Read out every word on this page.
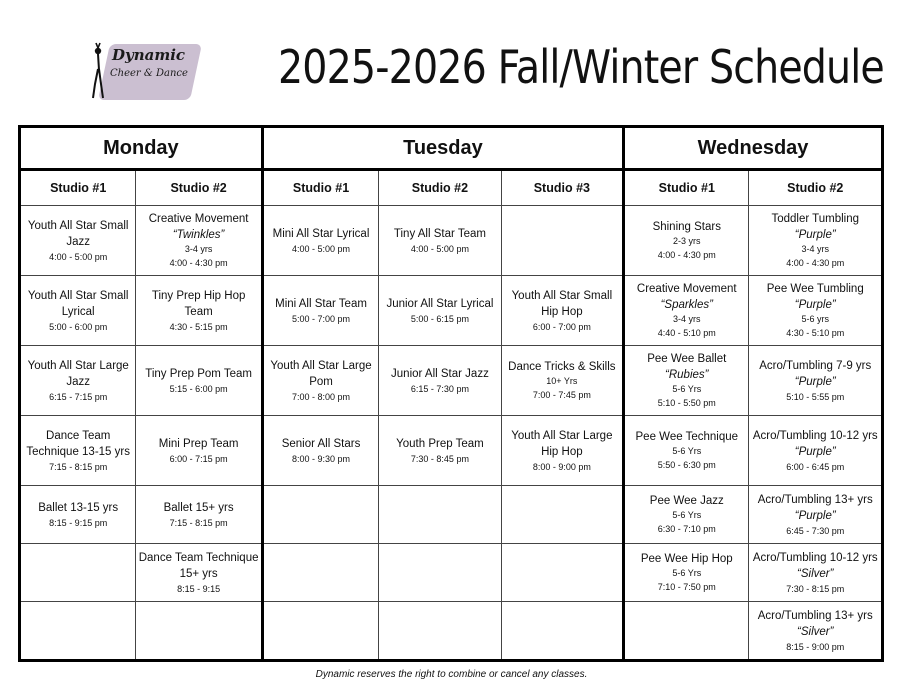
Dynamic
Cheer & Dance 2025-2026 Fall/Winter Schedule
Monday		Tuesday			Wednesday	
Studio #1	Studio #2	Studio #1	Studio #2	Studio #3	Studio #1	Studio #2

Youth All Star Small Jazz
4:00 - 5:00 pm	Creative Movement
“Twinkles”
3-4 yrs
4:00 - 4:30 pm	Mini All Star Lyrical
4:00 - 5:00 pm	Tiny All Star Team
4:00 - 5:00 pm		Shining Stars
2-3 yrs
4:00 - 4:30 pm	Toddler Tumbling
“Purple”
3-4 yrs
4:00 - 4:30 pm

Youth All Star Small Lyrical
5:00 - 6:00 pm	Tiny Prep Hip Hop Team
4:30 - 5:15 pm	Mini All Star Team
5:00 - 7:00 pm	Junior All Star Lyrical
5:00 - 6:15 pm	Youth All Star Small Hip Hop
6:00 - 7:00 pm	Creative Movement
“Sparkles”
3-4 yrs
4:40 - 5:10 pm	Pee Wee Tumbling
“Purple”
5-6 yrs
4:30 - 5:10 pm

Youth All Star Large Jazz
6:15 - 7:15 pm	Tiny Prep Pom Team
5:15 - 6:00 pm	Youth All Star Large Pom
7:00 - 8:00 pm	Junior All Star Jazz
6:15 - 7:30 pm	Dance Tricks & Skills
10+ Yrs
7:00 - 7:45 pm	Pee Wee Ballet
“Rubies”
5-6 Yrs
5:10 - 5:50 pm	Acro/Tumbling 7-9 yrs
“Purple”
5:10 - 5:55 pm

Dance Team Technique 13-15 yrs
7:15 - 8:15 pm	Mini Prep Team
6:00 - 7:15 pm	Senior All Stars
8:00 - 9:30 pm	Youth Prep Team
7:30 - 8:45 pm	Youth All Star Large Hip Hop
8:00 - 9:00 pm	Pee Wee Technique
5-6 Yrs
5:50 - 6:30 pm	Acro/Tumbling 10-12 yrs
“Purple”
6:00 - 6:45 pm

Ballet 13-15 yrs
8:15 - 9:15 pm	Ballet 15+ yrs
7:15 - 8:15 pm				Pee Wee Jazz
5-6 Yrs
6:30 - 7:10 pm	Acro/Tumbling 13+ yrs
“Purple”
6:45 - 7:30 pm

	Dance Team Technique 15+ yrs
8:15 - 9:15				Pee Wee Hip Hop
5-6 Yrs
7:10 - 7:50 pm	Acro/Tumbling 10-12 yrs
“Silver”
7:30 - 8:15 pm

						Acro/Tumbling 13+ yrs
“Silver”
8:15 - 9:00 pm
Dynamic reserves the right to combine or cancel any classes.
